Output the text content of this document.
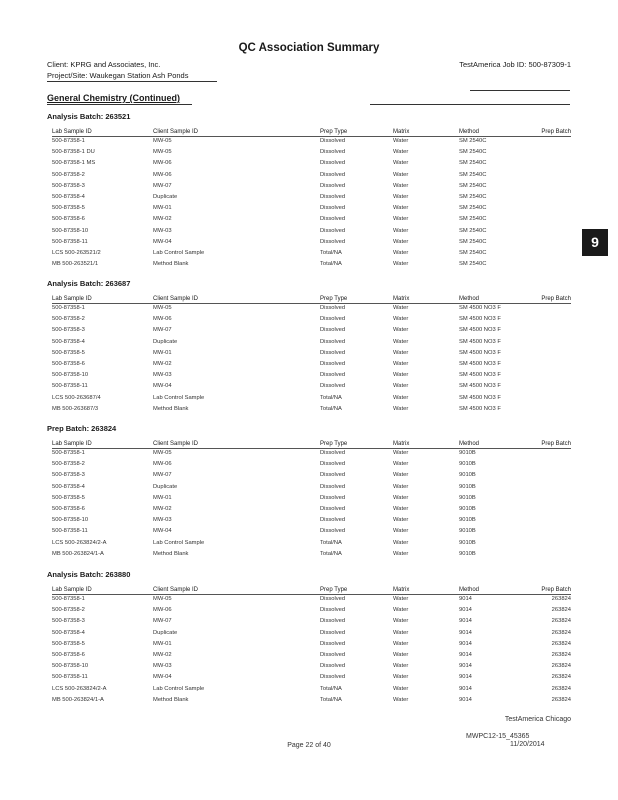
QC Association Summary
Client: KPRG and Associates, Inc.
Project/Site: Waukegan Station Ash Ponds
TestAmerica Job ID: 500-87309-1
General Chemistry (Continued)
Analysis Batch: 263521
Lab Sample ID	Client Sample ID	Prep Type	Matrix	Method	Prep Batch
500-87358-1	MW-05	Dissolved	Water	SM 2540C
500-87358-1 DU	MW-05	Dissolved	Water	SM 2540C
500-87358-1 MS	MW-06	Dissolved	Water	SM 2540C
500-87358-2	MW-06	Dissolved	Water	SM 2540C
500-87358-3	MW-07	Dissolved	Water	SM 2540C
500-87358-4	Duplicate	Dissolved	Water	SM 2540C
500-87358-5	MW-01	Dissolved	Water	SM 2540C
500-87358-6	MW-02	Dissolved	Water	SM 2540C
500-87358-10	MW-03	Dissolved	Water	SM 2540C
500-87358-11	MW-04	Dissolved	Water	SM 2540C
LCS 500-263521/2	Lab Control Sample	Total/NA	Water	SM 2540C
MB 500-263521/1	Method Blank	Total/NA	Water	SM 2540C
Analysis Batch: 263687
Lab Sample ID	Client Sample ID	Prep Type	Matrix	Method	Prep Batch
500-87358-1	MW-05	Dissolved	Water	SM 4500 NO3 F
500-87358-2	MW-06	Dissolved	Water	SM 4500 NO3 F
500-87358-3	MW-07	Dissolved	Water	SM 4500 NO3 F
500-87358-4	Duplicate	Dissolved	Water	SM 4500 NO3 F
500-87358-5	MW-01	Dissolved	Water	SM 4500 NO3 F
500-87358-6	MW-02	Dissolved	Water	SM 4500 NO3 F
500-87358-10	MW-03	Dissolved	Water	SM 4500 NO3 F
500-87358-11	MW-04	Dissolved	Water	SM 4500 NO3 F
LCS 500-263687/4	Lab Control Sample	Total/NA	Water	SM 4500 NO3 F
MB 500-263687/3	Method Blank	Total/NA	Water	SM 4500 NO3 F
Prep Batch: 263824
Lab Sample ID	Client Sample ID	Prep Type	Matrix	Method	Prep Batch
500-87358-1	MW-05	Dissolved	Water	9010B
500-87358-2	MW-06	Dissolved	Water	9010B
500-87358-3	MW-07	Dissolved	Water	9010B
500-87358-4	Duplicate	Dissolved	Water	9010B
500-87358-5	MW-01	Dissolved	Water	9010B
500-87358-6	MW-02	Dissolved	Water	9010B
500-87358-10	MW-03	Dissolved	Water	9010B
500-87358-11	MW-04	Dissolved	Water	9010B
LCS 500-263824/2-A	Lab Control Sample	Total/NA	Water	9010B
MB 500-263824/1-A	Method Blank	Total/NA	Water	9010B
Analysis Batch: 263880
Lab Sample ID	Client Sample ID	Prep Type	Matrix	Method	Prep Batch
500-87358-1	MW-05	Dissolved	Water	9014	263824
500-87358-2	MW-06	Dissolved	Water	9014	263824
500-87358-3	MW-07	Dissolved	Water	9014	263824
500-87358-4	Duplicate	Dissolved	Water	9014	263824
500-87358-5	MW-01	Dissolved	Water	9014	263824
500-87358-6	MW-02	Dissolved	Water	9014	263824
500-87358-10	MW-03	Dissolved	Water	9014	263824
500-87358-11	MW-04	Dissolved	Water	9014	263824
LCS 500-263824/2-A	Lab Control Sample	Total/NA	Water	9014	263824
MB 500-263824/1-A	Method Blank	Total/NA	Water	9014	263824
9
TestAmerica Chicago
Page 22 of 40
MWPC12-15_45365
11/20/2014
